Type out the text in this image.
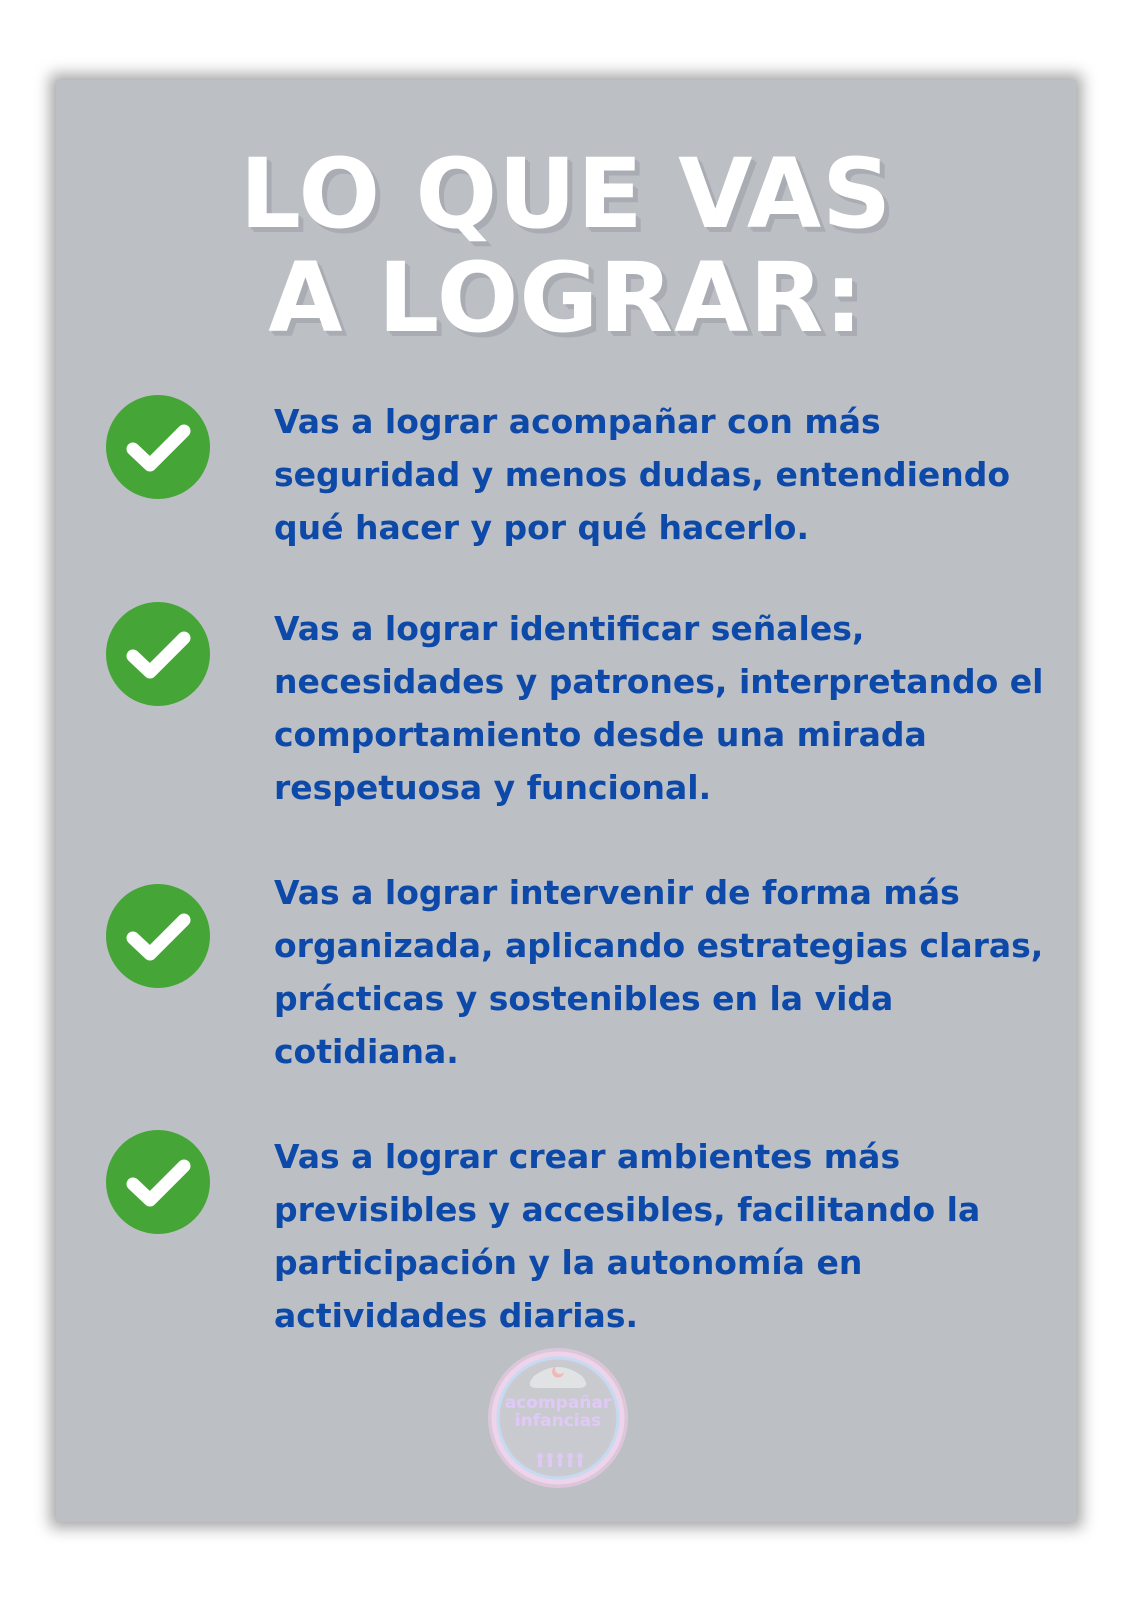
LO QUE VAS
A LOGRAR:

Vas a lograr acompañar con más seguridad y menos dudas, entendiendo qué hacer y por qué hacerlo.

Vas a lograr identificar señales, necesidades y patrones, interpretando el comportamiento desde una mirada respetuosa y funcional.

Vas a lograr intervenir de forma más organizada, aplicando estrategias claras, prácticas y sostenibles en la vida cotidiana.

Vas a lograr crear ambientes más previsibles y accesibles, facilitando la participación y la autonomía en actividades diarias.

acompañar
infancias
